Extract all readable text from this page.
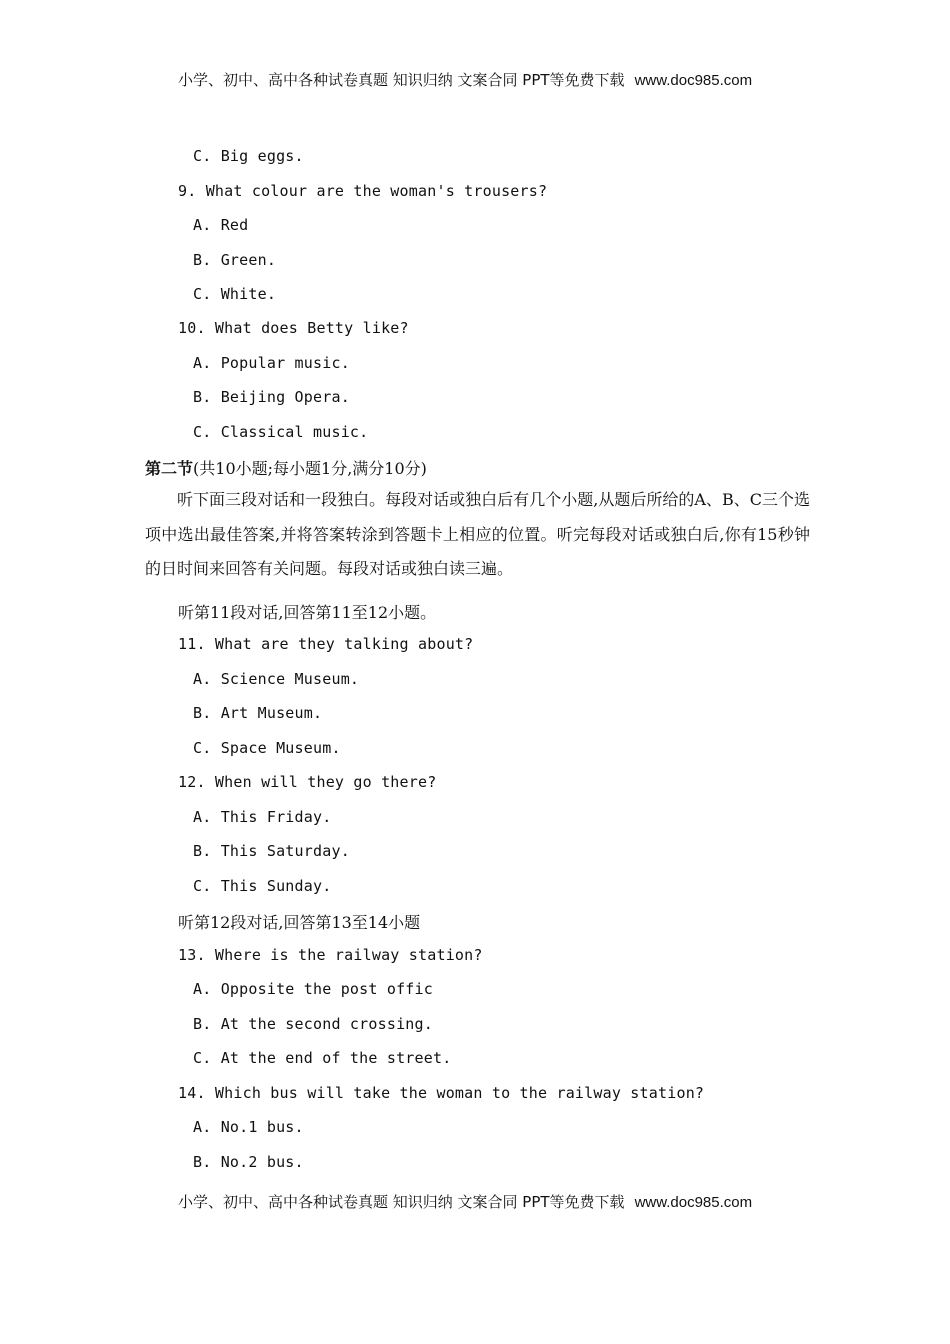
小学、初中、高中各种试卷真题 知识归纳 文案合同 PPT等免费下载 www.doc985.com
C. Big eggs.
9. What colour are the woman's trousers?
A. Red
B. Green.
C. White.
10. What does Betty like?
A. Popular music.
B. Beijing Opera.
C. Classical music.
第二节(共10小题;每小题1分,满分10分)
听下面三段对话和一段独白。每段对话或独白后有几个小题,从题后所给的A、B、C三个选项中选出最佳答案,并将答案转涂到答题卡上相应的位置。听完每段对话或独白后,你有15秒钟的日时间来回答有关问题。每段对话或独白读三遍。
听第11段对话,回答第11至12小题。
11. What are they talking about?
A. Science Museum.
B. Art Museum.
C. Space Museum.
12. When will they go there?
A. This Friday.
B. This Saturday.
C. This Sunday.
听第12段对话,回答第13至14小题
13. Where is the railway station?
A. Opposite the post offic
B. At the second crossing.
C. At the end of the street.
14. Which bus will take the woman to the railway station?
A. No.1 bus.
B. No.2 bus.
小学、初中、高中各种试卷真题 知识归纳 文案合同 PPT等免费下载 www.doc985.com
